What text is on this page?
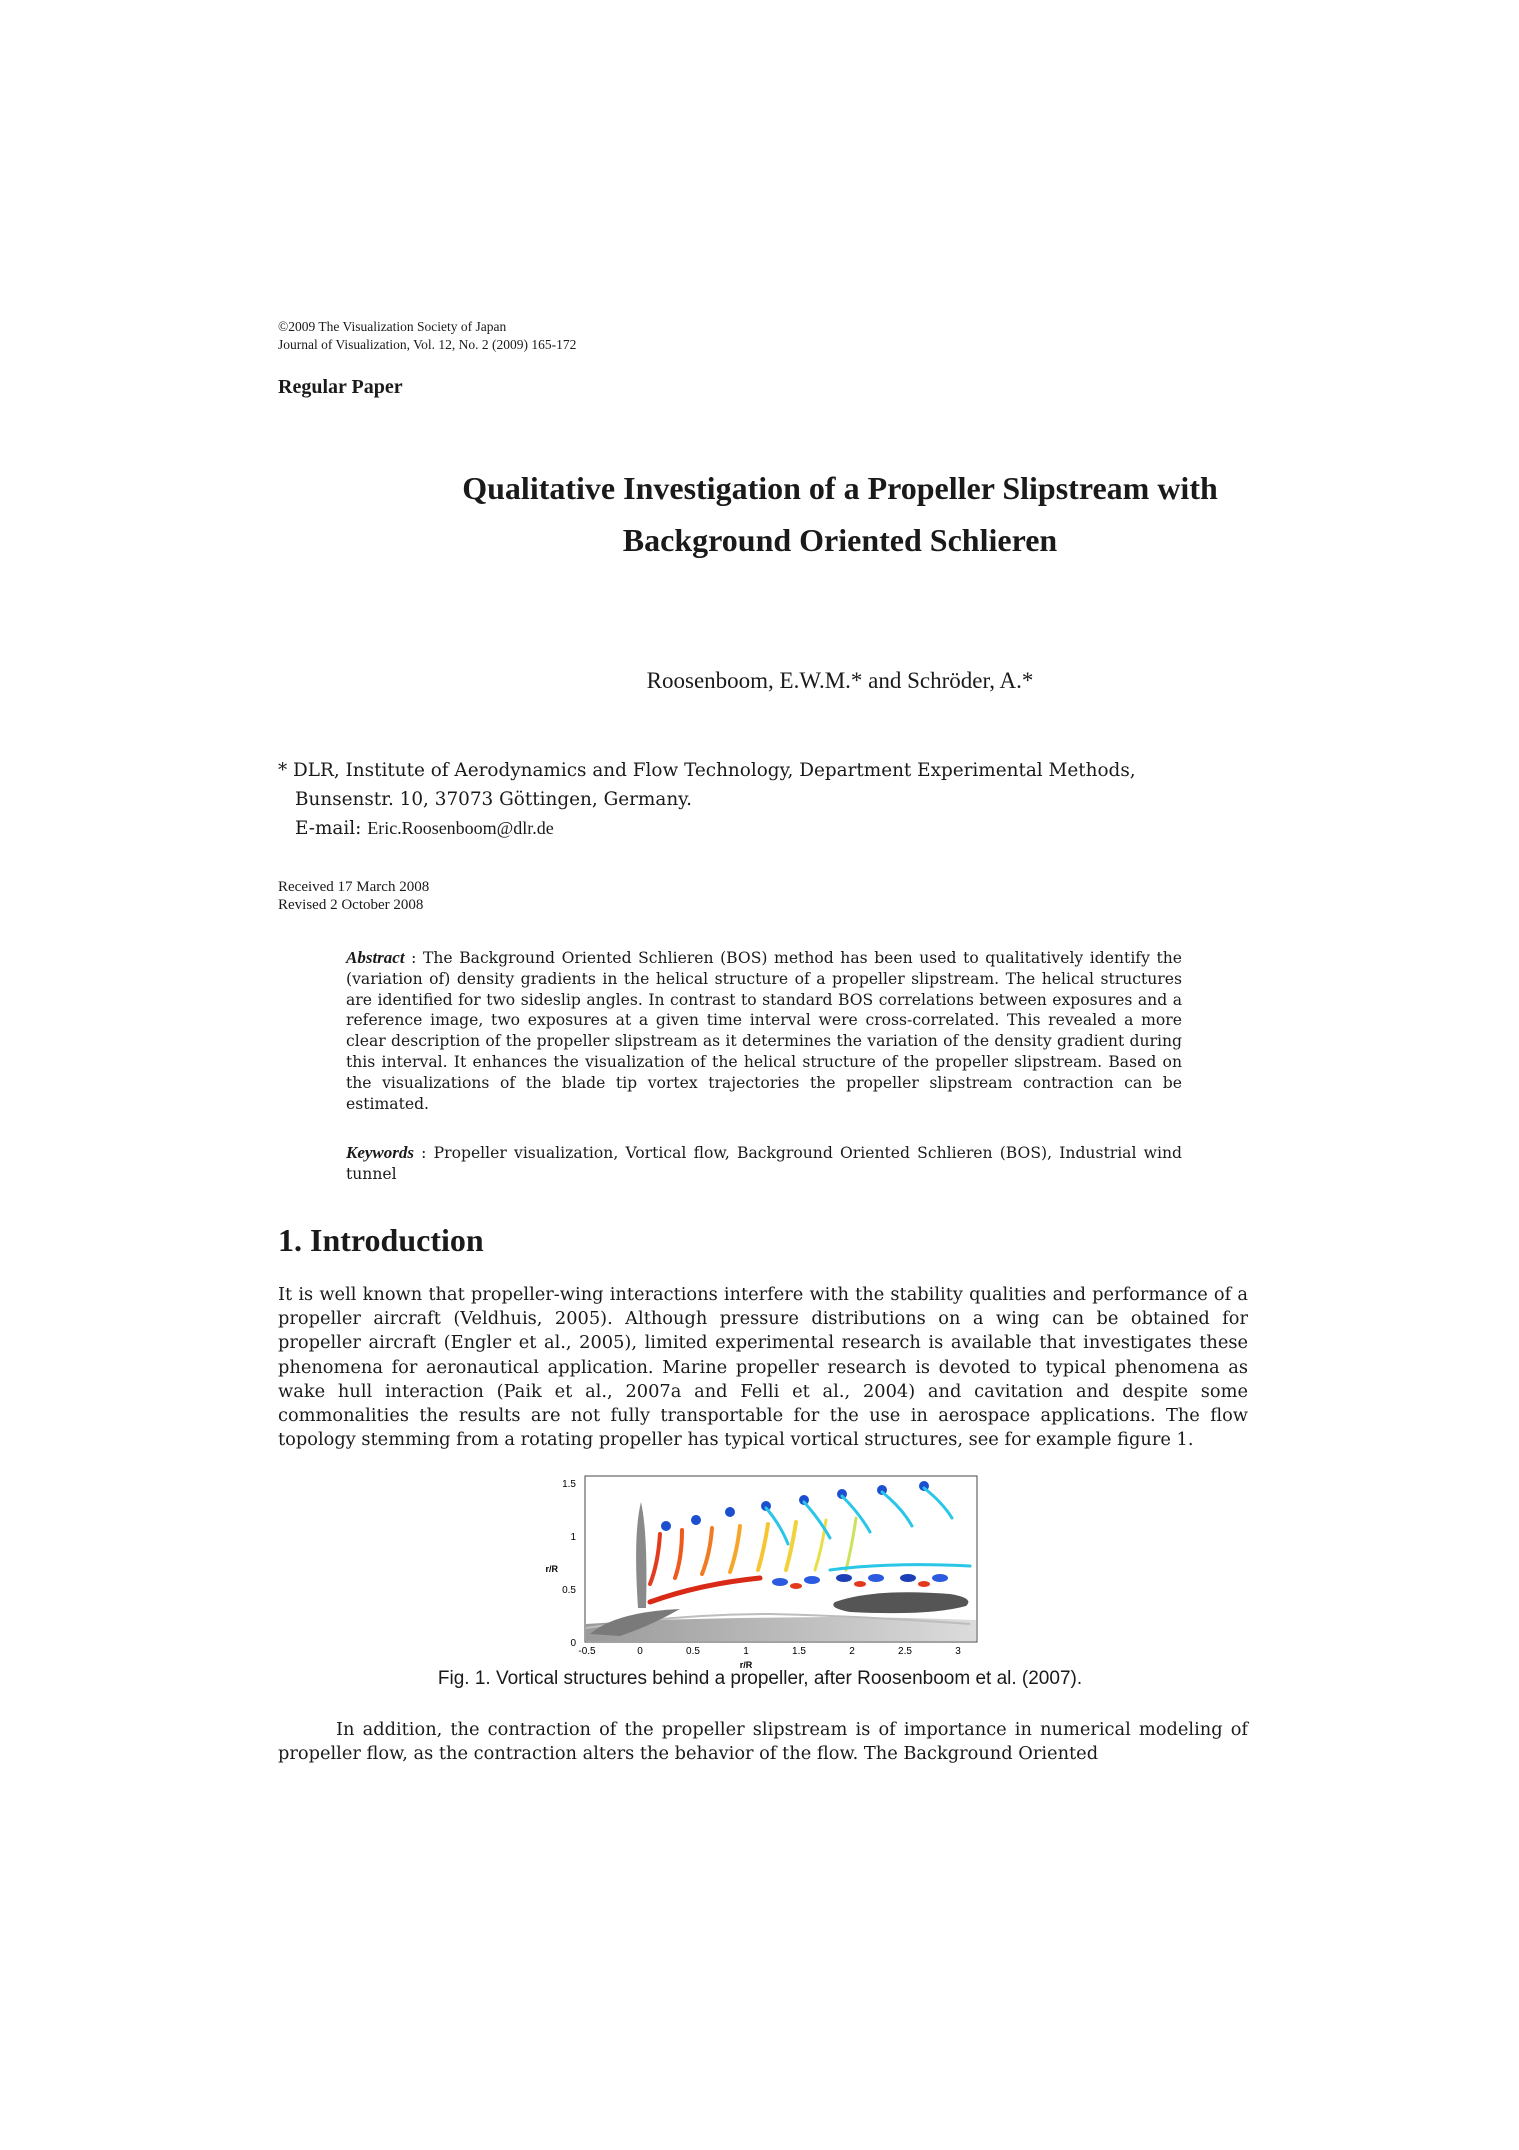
©2009 The Visualization Society of Japan
Journal of Visualization, Vol. 12, No. 2 (2009) 165-172
Regular Paper
Qualitative Investigation of a Propeller Slipstream with
Background Oriented Schlieren
Roosenboom, E.W.M.* and Schröder, A.*
* DLR, Institute of Aerodynamics and Flow Technology, Department Experimental Methods,
Bunsenstr. 10, 37073 Göttingen, Germany.
E-mail: Eric.Roosenboom@dlr.de
Received 17 March 2008
Revised 2 October 2008
Abstract : The Background Oriented Schlieren (BOS) method has been used to qualitatively identify the (variation of) density gradients in the helical structure of a propeller slipstream. The helical structures are identified for two sideslip angles. In contrast to standard BOS correlations between exposures and a reference image, two exposures at a given time interval were cross-correlated. This revealed a more clear description of the propeller slipstream as it determines the variation of the density gradient during this interval. It enhances the visualization of the helical structure of the propeller slipstream. Based on the visualizations of the blade tip vortex trajectories the propeller slipstream contraction can be estimated.
Keywords : Propeller visualization, Vortical flow, Background Oriented Schlieren (BOS), Industrial wind tunnel
1. Introduction
It is well known that propeller-wing interactions interfere with the stability qualities and performance of a propeller aircraft (Veldhuis, 2005). Although pressure distributions on a wing can be obtained for propeller aircraft (Engler et al., 2005), limited experimental research is available that investigates these phenomena for aeronautical application. Marine propeller research is devoted to typical phenomena as wake hull interaction (Paik et al., 2007a and Felli et al., 2004) and cavitation and despite some commonalities the results are not fully transportable for the use in aerospace applications. The flow topology stemming from a rotating propeller has typical vortical structures, see for example figure 1.
1.5
1
0.5
0
r/R
-0.5	0	0.5	1	1.5	2	2.5	3
r/R
Fig. 1. Vortical structures behind a propeller, after Roosenboom et al. (2007).
In addition, the contraction of the propeller slipstream is of importance in numerical modeling of propeller flow, as the contraction alters the behavior of the flow. The Background Oriented
